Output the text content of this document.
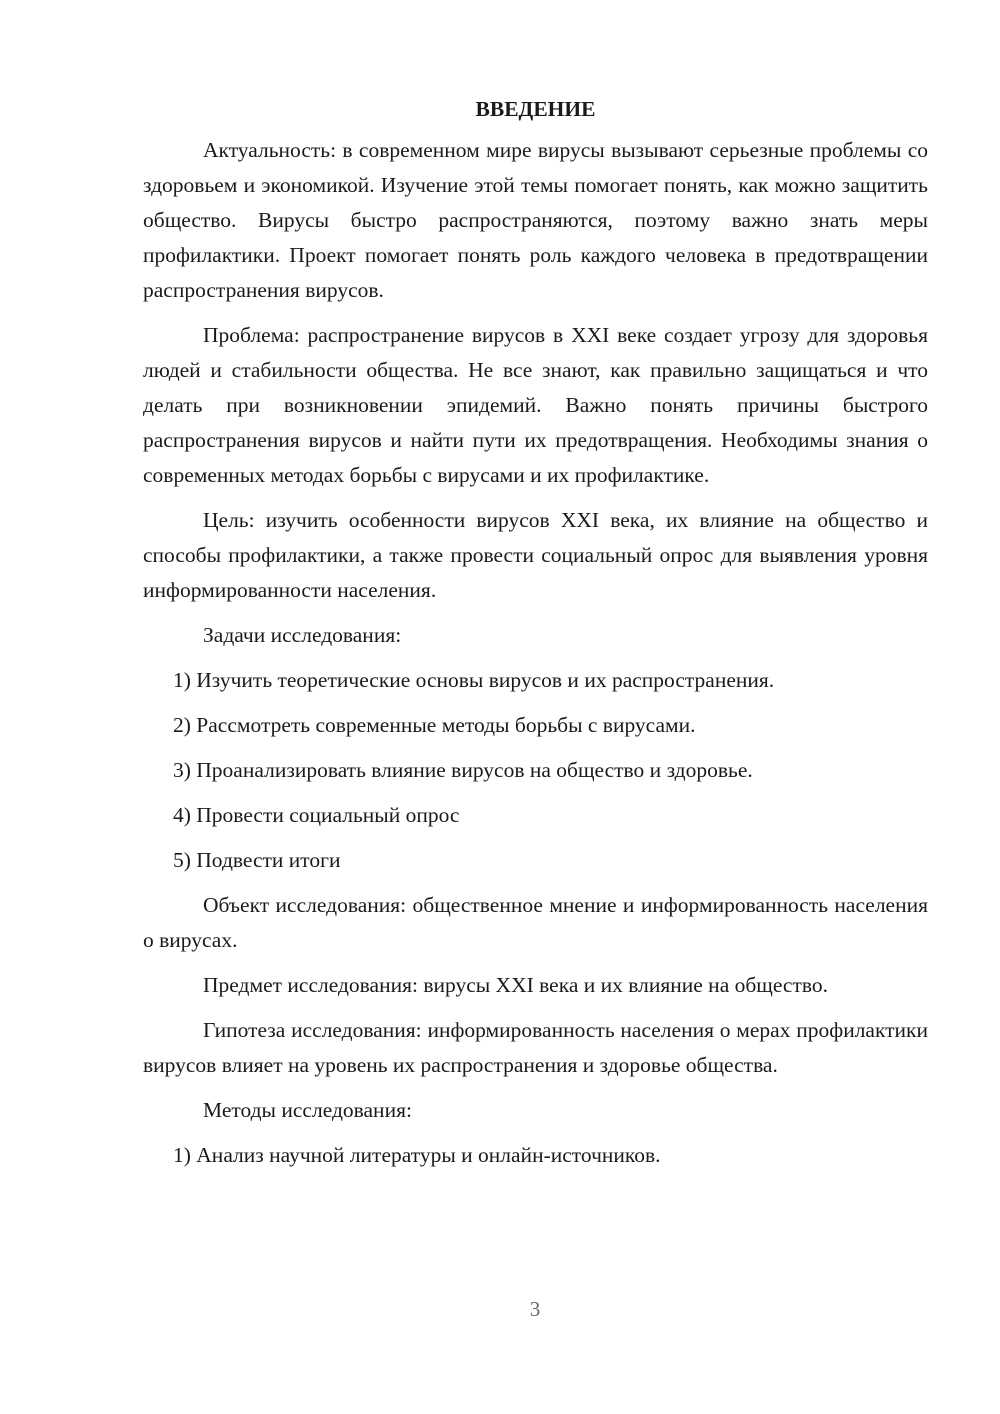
ВВЕДЕНИЕ

Актуальность: в современном мире вирусы вызывают серьезные проблемы со здоровьем и экономикой. Изучение этой темы помогает понять, как можно защитить общество. Вирусы быстро распространяются, поэтому важно знать меры профилактики. Проект помогает понять роль каждого человека в предотвращении распространения вирусов.

Проблема: распространение вирусов в XXI веке создает угрозу для здоровья людей и стабильности общества. Не все знают, как правильно защищаться и что делать при возникновении эпидемий. Важно понять причины быстрого распространения вирусов и найти пути их предотвращения. Необходимы знания о современных методах борьбы с вирусами и их профилактике.

Цель: изучить особенности вирусов XXI века, их влияние на общество и способы профилактики, а также провести социальный опрос для выявления уровня информированности населения.

Задачи исследования:
1) Изучить теоретические основы вирусов и их распространения.
2) Рассмотреть современные методы борьбы с вирусами.
3) Проанализировать влияние вирусов на общество и здоровье.
4) Провести социальный опрос
5) Подвести итоги

Объект исследования: общественное мнение и информированность населения о вирусах.

Предмет исследования: вирусы XXI века и их влияние на общество.

Гипотеза исследования: информированность населения о мерах профилактики вирусов влияет на уровень их распространения и здоровье общества.

Методы исследования:
1) Анализ научной литературы и онлайн-источников.
3
